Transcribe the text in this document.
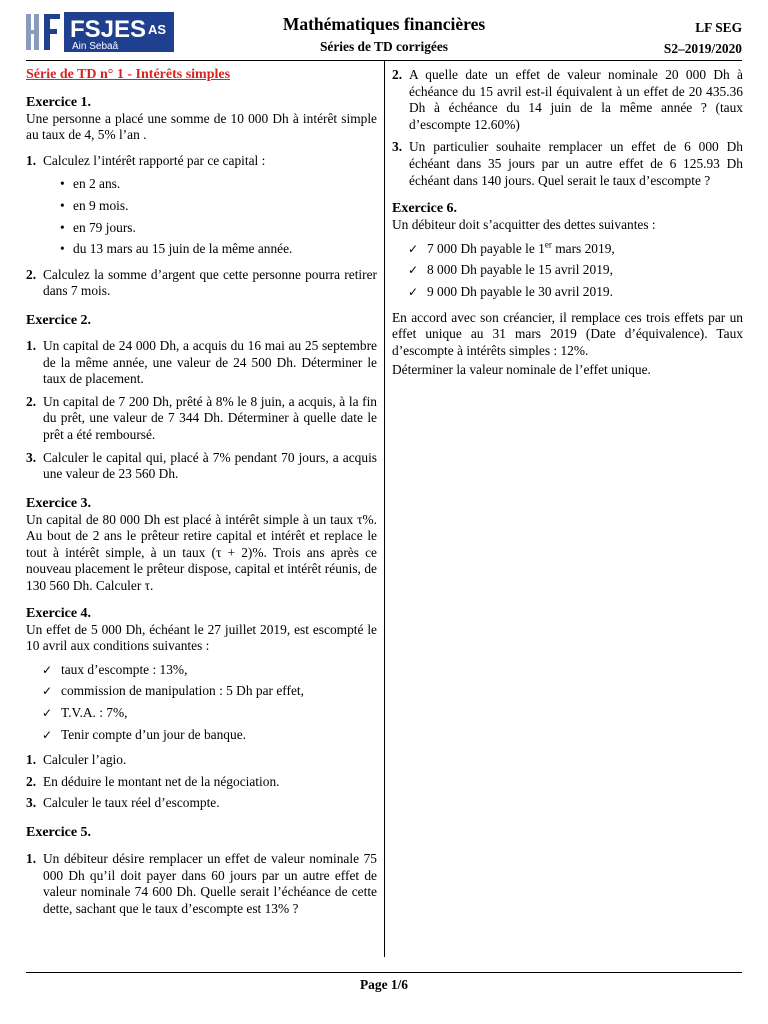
FSJES AS
Ain Sebaâ
Mathématiques financières
Séries de TD corrigées
LF SEG
S2–2019/2020
Série de TD n° 1 - Intérêts simples
Exercice 1.

Une personne a placé une somme de 10 000 Dh à intérêt simple au taux de 4, 5% l’an .

1. Calculez l’intérêt rapporté par ce capital :
• en 2 ans.
• en 9 mois.
• en 79 jours.
• du 13 mars au 15 juin de la même année.
2. Calculez la somme d’argent que cette personne pourra retirer dans 7 mois.
Exercice 2.
1. Un capital de 24 000 Dh, a acquis du 16 mai au 25 septembre de la même année, une valeur de 24 500 Dh. Déterminer le taux de placement.
2. Un capital de 7 200 Dh, prêté à 8% le 8 juin, a acquis, à la fin du prêt, une valeur de 7 344 Dh. Déterminer à quelle date le prêt a été remboursé.
3. Calculer le capital qui, placé à 7% pendant 70 jours, a acquis une valeur de 23 560 Dh.
Exercice 3.

Un capital de 80 000 Dh est placé à intérêt simple à un taux τ%. Au bout de 2 ans le prêteur retire capital et intérêt et replace le tout à intérêt simple, à un taux (τ + 2)%. Trois ans après ce nouveau placement le prêteur dispose, capital et intérêt réunis, de 130 560 Dh. Calculer τ.

Exercice 4.

Un effet de 5 000 Dh, échéant le 27 juillet 2019, est escompté le 10 avril aux conditions suivantes :

✓ taux d’escompte : 13%,
✓ commission de manipulation : 5 Dh par effet,
✓ T.V.A. : 7%,
✓ Tenir compte d’un jour de banque.
1. Calculer l’agio.
2. En déduire le montant net de la négociation.
3. Calculer le taux réel d’escompte.
Exercice 5.
1. Un débiteur désire remplacer un effet de valeur nominale 75 000 Dh qu’il doit payer dans 60 jours par un autre effet de valeur nominale 74 600 Dh. Quelle serait l’échéance de cette dette, sachant que le taux d’escompte est 13% ?
2. A quelle date un effet de valeur nominale 20 000 Dh à échéance du 15 avril est-il équivalent à un effet de 20 435.36 Dh à échéance du 14 juin de la même année ? (taux d’escompte 12.60%)
3. Un particulier souhaite remplacer un effet de 6 000 Dh échéant dans 35 jours par un autre effet de 6 125.93 Dh échéant dans 140 jours. Quel serait le taux d’escompte ?
Exercice 6.

Un débiteur doit s’acquitter des dettes suivantes :

✓ 7 000 Dh payable le 1er mars 2019,
✓ 8 000 Dh payable le 15 avril 2019,
✓ 9 000 Dh payable le 30 avril 2019.

En accord avec son créancier, il remplace ces trois effets par un effet unique au 31 mars 2019 (Date d’équivalence). Taux d’escompte à intérêts simples : 12%.

Déterminer la valeur nominale de l’effet unique.

Page 1/6
